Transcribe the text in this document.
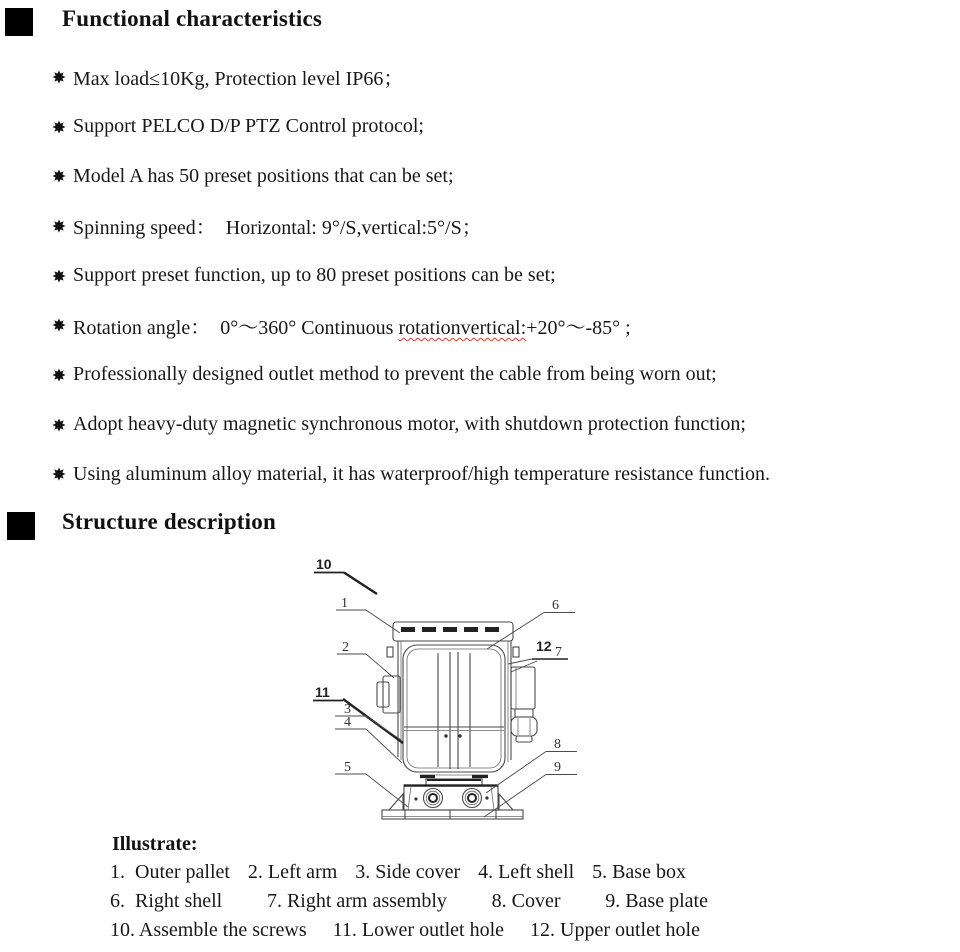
Functional characteristics
Max load≤10Kg, Protection level IP66；
Support PELCO D/P PTZ Control protocol;
Model A has 50 preset positions that can be set;
Spinning speed：  Horizontal: 9°/S,vertical:5°/S；
Support preset function, up to 80 preset positions can be set;
Rotation angle：  0°～360° Continuous rotationvertical:+20°～-85° ;
Professionally designed outlet method to prevent the cable from being worn out;
Adopt heavy-duty magnetic synchronous motor, with shutdown protection function;
Using aluminum alloy material, it has waterproof/high temperature resistance function.
Structure description
10
1
2
11
3
4
5
6
12 7
8
9
Illustrate:
1.  Outer pallet 2. Left arm 3. Side cover 4. Left shell 5. Base box
6.  Right shell 7. Right arm assembly 8. Cover 9. Base plate
10. Assemble the screws 11. Lower outlet hole 12. Upper outlet hole
